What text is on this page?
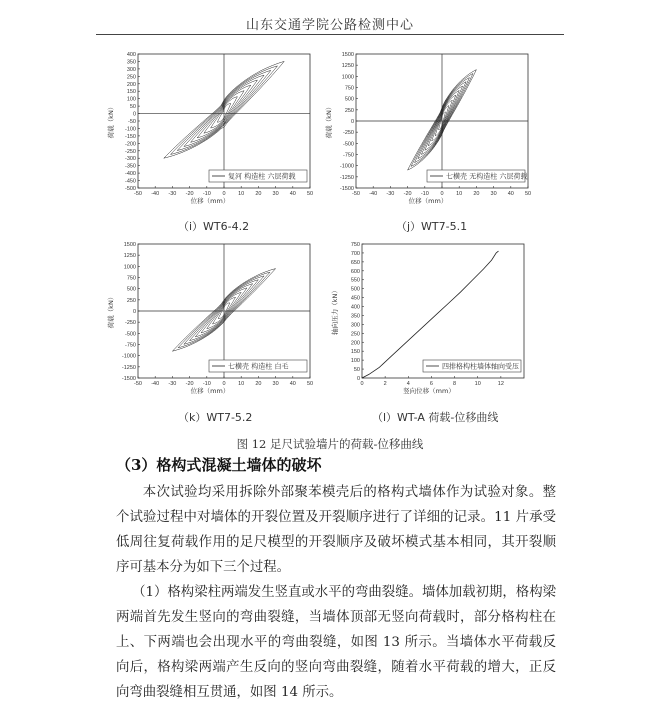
山东交通学院公路检测中心
-50 -40 -30 -20 -10 0 10 20 30 40 50
-500
-450
-400
-350
-300
-250
-200
-150
-100
-50
0
50
100
150
200
250
300
350
400
位移（mm）
荷载（kN）
复河 构造柱 六层荷载
-50 -40 -30 -20 -10 0 10 20 30 40 50
-1500
-1250
-1000
-750
-500
-250
0
250
500
750
1000
1250
1500
位移（mm）
荷载（kN）
七横壳 无构造柱 六层荷载
-50 -40 -30 -20 -10 0 10 20 30 40 50
-1500
-1250
-1000
-750
-500
-250
0
250
500
750
1000
1250
1500
位移（mm）
荷载（kN）
七横壳 构造柱 白毛
0	2	4	6	8	10	12
0
50
100
150
200
250
300
350
400
450
500
550
600
650
700
750
竖向位移（mm）
轴向压力（kN）
四排格构柱墙体轴向受压
（i）WT6-4.2	（j）WT7-5.1
（k）WT7-5.2	（l）WT-A 荷载-位移曲线
图 12 足尺试验墙片的荷载-位移曲线
（3）格构式混凝土墙体的破坏
本次试验均采用拆除外部聚苯模壳后的格构式墙体作为试验对象。整个试验过程中对墙体的开裂位置及开裂顺序进行了详细的记录。11 片承受低周往复荷载作用的足尺模型的开裂顺序及破坏模式基本相同，其开裂顺序可基本分为如下三个过程。
（1）格构梁柱两端发生竖直或水平的弯曲裂缝。墙体加载初期，格构梁两端首先发生竖向的弯曲裂缝，当墙体顶部无竖向荷载时，部分格构柱在上、下两端也会出现水平的弯曲裂缝，如图 13 所示。当墙体水平荷载反向后，格构梁两端产生反向的竖向弯曲裂缝，随着水平荷载的增大，正反向弯曲裂缝相互贯通，如图 14 所示。
